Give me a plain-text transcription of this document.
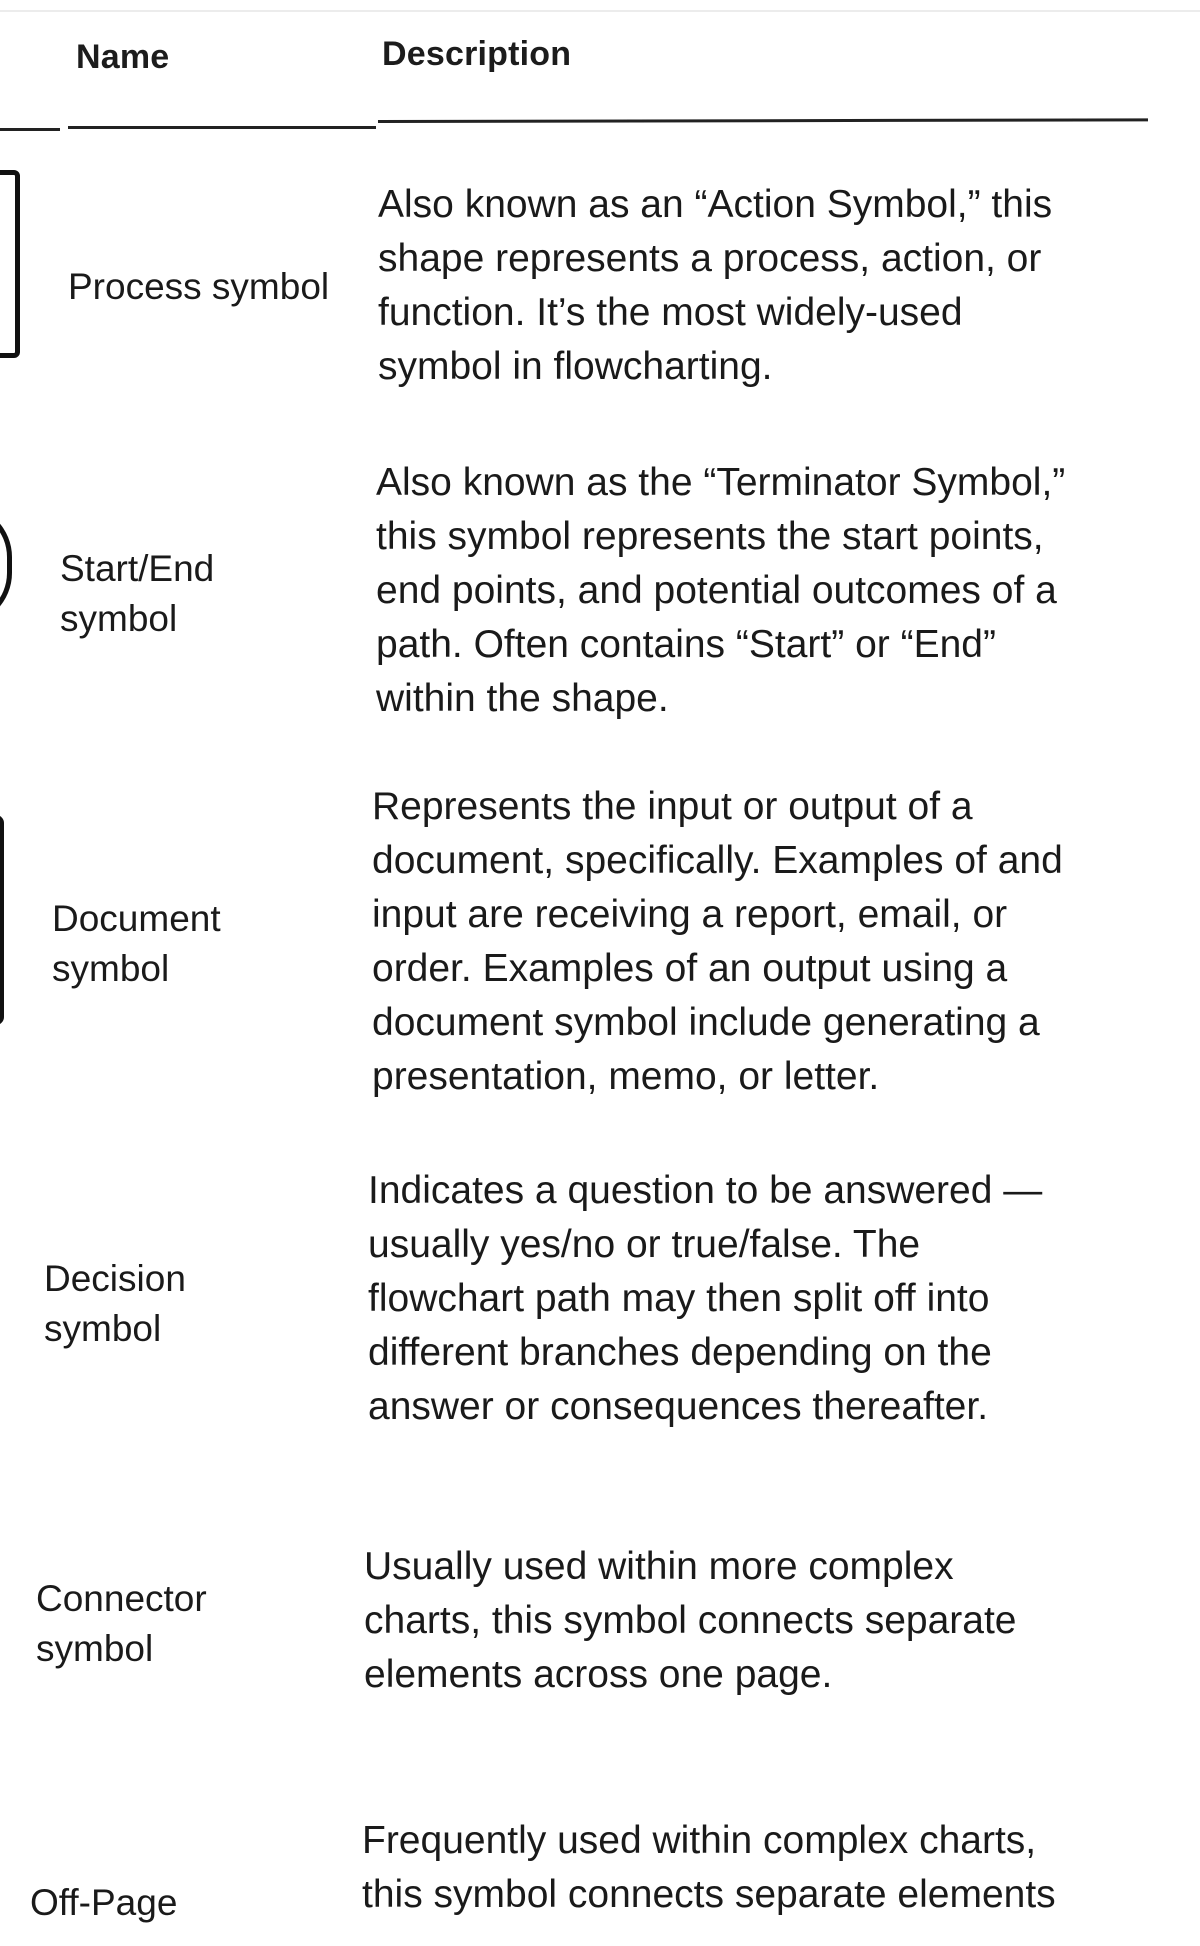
Name	Description
Process symbol
Also known as an “Action Symbol,” this
shape represents a process, action, or
function. It’s the most widely-used
symbol in flowcharting.
Start/End
symbol
Also known as the “Terminator Symbol,”
this symbol represents the start points,
end points, and potential outcomes of a
path. Often contains “Start” or “End”
within the shape.
Document
symbol
Represents the input or output of a
document, specifically. Examples of and
input are receiving a report, email, or
order. Examples of an output using a
document symbol include generating a
presentation, memo, or letter.
Decision
symbol
Indicates a question to be answered —
usually yes/no or true/false. The
flowchart path may then split off into
different branches depending on the
answer or consequences thereafter.
Connector
symbol
Usually used within more complex
charts, this symbol connects separate
elements across one page.
Off-Page
Frequently used within complex charts,
this symbol connects separate elements
